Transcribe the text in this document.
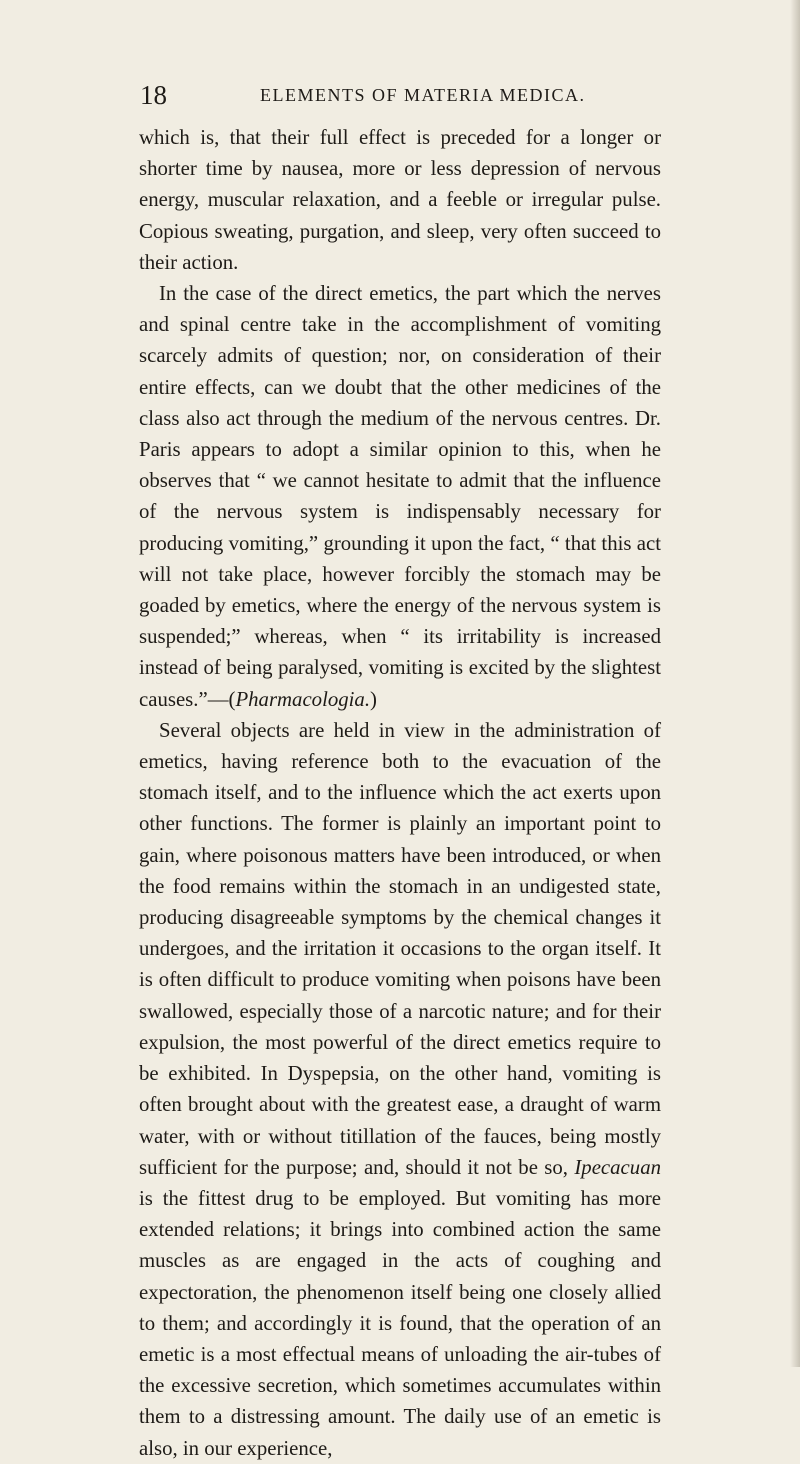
18	ELEMENTS OF MATERIA MEDICA.

which is, that their full effect is preceded for a longer or shorter time by nausea, more or less depression of nervous energy, muscular relaxation, and a feeble or irregular pulse. Copious sweating, purgation, and sleep, very often succeed to their action.

In the case of the direct emetics, the part which the nerves and spinal centre take in the accomplishment of vomiting scarcely admits of question; nor, on consideration of their entire effects, can we doubt that the other medicines of the class also act through the medium of the nervous centres. Dr. Paris appears to adopt a similar opinion to this, when he observes that “ we cannot hesitate to admit that the influence of the nervous system is indispensably necessary for producing vomiting,” grounding it upon the fact, “ that this act will not take place, however forcibly the stomach may be goaded by emetics, where the energy of the nervous system is suspended;” whereas, when “ its irritability is increased instead of being paralysed, vomiting is excited by the slightest causes.”—(Pharmacologia.)

Several objects are held in view in the administration of emetics, having reference both to the evacuation of the stomach itself, and to the influence which the act exerts upon other functions. The former is plainly an important point to gain, where poisonous matters have been introduced, or when the food remains within the stomach in an undigested state, producing disagreeable symptoms by the chemical changes it undergoes, and the irritation it occasions to the organ itself. It is often difficult to produce vomiting when poisons have been swallowed, especially those of a narcotic nature; and for their expulsion, the most powerful of the direct emetics require to be exhibited. In Dyspepsia, on the other hand, vomiting is often brought about with the greatest ease, a draught of warm water, with or without titillation of the fauces, being mostly sufficient for the purpose; and, should it not be so, Ipecacuan is the fittest drug to be employed. But vomiting has more extended relations; it brings into combined action the same muscles as are engaged in the acts of coughing and expectoration, the phenomenon itself being one closely allied to them; and accordingly it is found, that the operation of an emetic is a most effectual means of unloading the air-tubes of the excessive secretion, which sometimes accumulates within them to a distressing amount. The daily use of an emetic is also, in our experience,
